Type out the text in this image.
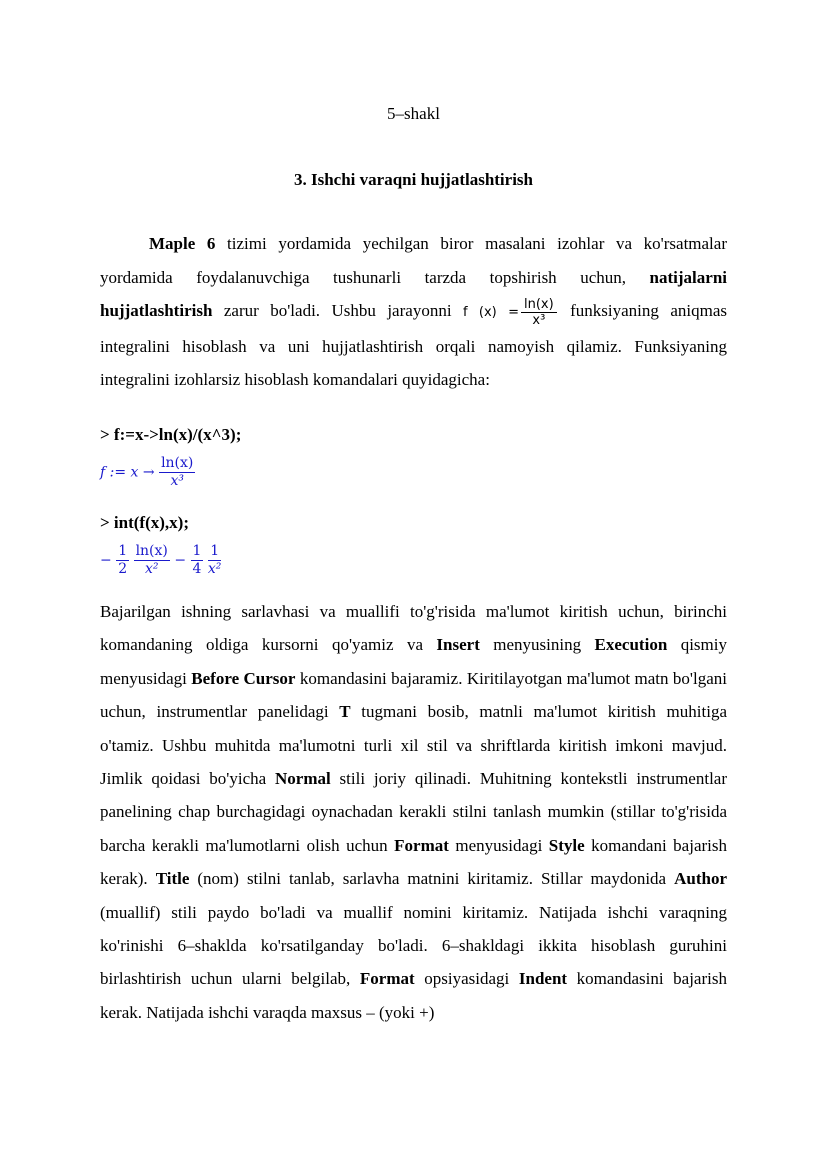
5–shakl
3. Ishchi varaqni hujjatlashtirish
Maple 6 tizimi yordamida yechilgan biror masalani izohlar va ko'rsatmalar yordamida foydalanuvchiga tushunarli tarzda topshirish uchun, natijalarni hujjatlashtirish zarur bo'ladi. Ushbu jarayonni f $(x) = \frac{\ln(x)}{\text{x³}}$ funksiyaning aniqmas integralini hisoblash va uni hujjatlashtirish orqali namoyish qilamiz. Funksiyaning integralini izohlarsiz hisoblash komandalari quyidagicha:
> f:=x->ln(x)/(x^3);
f := $x \to \frac{\ln(x)}{\text{x³}}$
> int(f(x),x);
− $\frac{1}{2}$
$\frac{\ln(x)}{\text{x²}} - \frac{1}{4}$
$\frac{1}{\text{x²}}$
Bajarilgan ishning sarlavhasi va muallifi to'g'risida ma'lumot kiritish uchun, birinchi komandaning oldiga kursorni qo'yamiz va Insert menyusining Execution qismiy menyusidagi Before Cursor komandasini bajaramiz. Kiritilayotgan ma'lumot matn bo'lgani uchun, instrumentlar panelidagi T tugmani bosib, matnli ma'lumot kiritish muhitiga o'tamiz. Ushbu muhitda ma'lumotni turli xil stil va shriftlarda kiritish imkoni mavjud. Jimlik qoidasi bo'yicha Normal stili joriy qilinadi. Muhitning kontekstli instrumentlar panelining chap burchagidagi oynachadan kerakli stilni tanlash mumkin (stillar to'g'risida barcha kerakli ma'lumotlarni olish uchun Format menyusidagi Style komandani bajarish kerak). Title (nom) stilni tanlab, sarlavha matnini kiritamiz. Stillar maydonida Author (muallif) stili paydo bo'ladi va muallif nomini kiritamiz. Natijada ishchi varaqning ko'rinishi 6–shaklda ko'rsatilganday bo'ladi. 6–shakldagi ikkita hisoblash guruhini birlashtirish uchun ularni belgilab, Format opsiyasidagi Indent komandasini bajarish kerak. Natijada ishchi varaqda maxsus – (yoki +)
